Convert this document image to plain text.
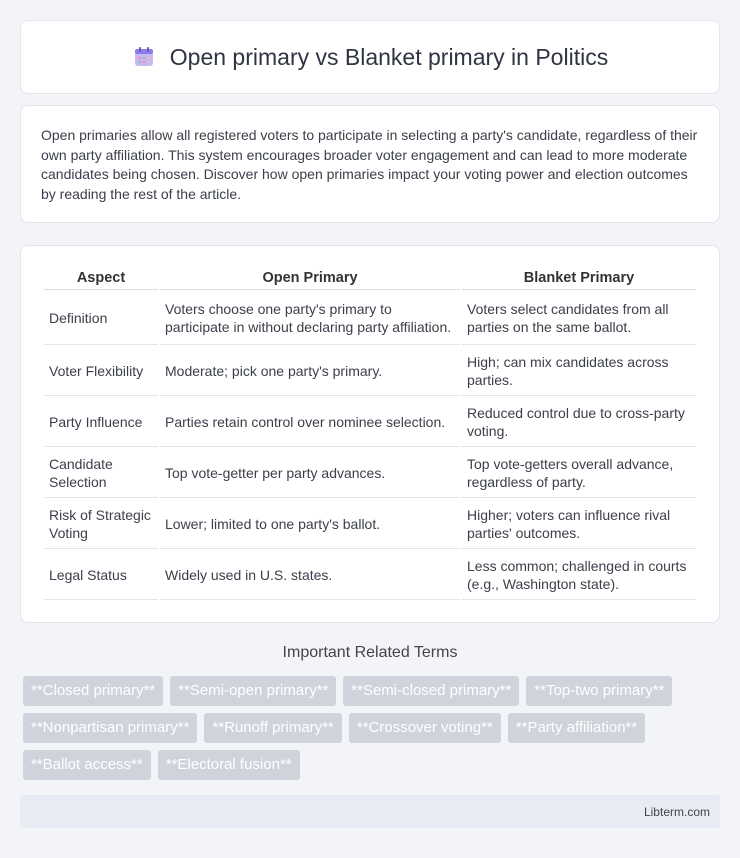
Open primary vs Blanket primary in Politics

Open primaries allow all registered voters to participate in selecting a party's candidate, regardless of their own party affiliation. This system encourages broader voter engagement and can lead to more moderate candidates being chosen. Discover how open primaries impact your voting power and election outcomes by reading the rest of the article.

Aspect	Open Primary	Blanket Primary
Definition	Voters choose one party's primary to participate in without declaring party affiliation.	Voters select candidates from all parties on the same ballot.
Voter Flexibility	Moderate; pick one party's primary.	High; can mix candidates across parties.
Party Influence	Parties retain control over nominee selection.	Reduced control due to cross-party voting.
Candidate Selection	Top vote-getter per party advances.	Top vote-getters overall advance, regardless of party.
Risk of Strategic Voting	Lower; limited to one party's ballot.	Higher; voters can influence rival parties' outcomes.
Legal Status	Widely used in U.S. states.	Less common; challenged in courts (e.g., Washington state).
Important Related Terms
**Closed primary**	**Semi-open primary**	**Semi-closed primary**	**Top-two primary**
**Nonpartisan primary**	**Runoff primary**	**Crossover voting**	**Party affiliation**
**Ballot access**	**Electoral fusion**
Libterm.com
